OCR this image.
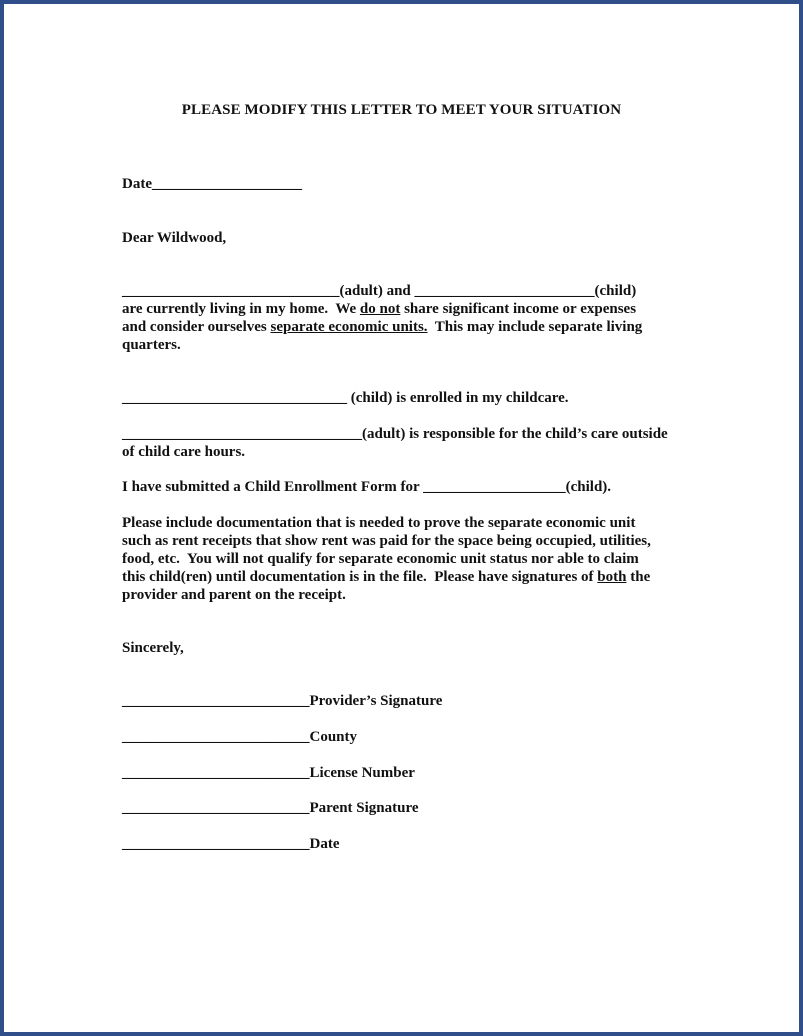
PLEASE MODIFY THIS LETTER TO MEET YOUR SITUATION
Date____________________
Dear Wildwood,
_____________________________(adult) and ________________________(child)
are currently living in my home.  We do not share significant income or expenses
and consider ourselves separate economic units.  This may include separate living
quarters.
______________________________ (child) is enrolled in my childcare.
________________________________(adult) is responsible for the child’s care outside
of child care hours.
I have submitted a Child Enrollment Form for ___________________(child).
Please include documentation that is needed to prove the separate economic unit
such as rent receipts that show rent was paid for the space being occupied, utilities,
food, etc.  You will not qualify for separate economic unit status nor able to claim
this child(ren) until documentation is in the file.  Please have signatures of both the
provider and parent on the receipt.
Sincerely,
_________________________Provider’s Signature
_________________________County
_________________________License Number
_________________________Parent Signature
_________________________Date
